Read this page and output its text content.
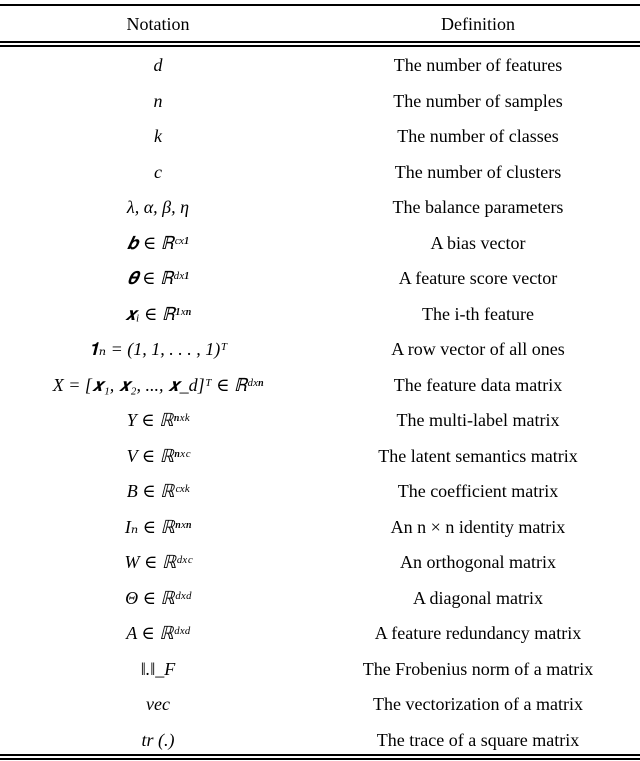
Notation	Definition
d	The number of features
n	The number of samples
k	The number of classes
c	The number of clusters
λ, α, β, η	The balance parameters
𝒃 ∈ ℝᶜˣ¹	A bias vector
𝜽 ∈ ℝᵈˣ¹	A feature score vector
𝒙ᵢ ∈ ℝ¹ˣⁿ	The i-th feature
𝟏ₙ = (1, 1, . . . , 1)ᵀ	A row vector of all ones
X = [𝒙₁, 𝒙₂, ..., 𝒙_d]ᵀ ∈ ℝᵈˣⁿ	The feature data matrix
Y ∈ ℝⁿˣᵏ	The multi-label matrix
V ∈ ℝⁿˣᶜ	The latent semantics matrix
B ∈ ℝᶜˣᵏ	The coefficient matrix
Iₙ ∈ ℝⁿˣⁿ	An n × n identity matrix
W ∈ ℝᵈˣᶜ	An orthogonal matrix
Θ ∈ ℝᵈˣᵈ	A diagonal matrix
A ∈ ℝᵈˣᵈ	A feature redundancy matrix
‖.‖_F	The Frobenius norm of a matrix
vec	The vectorization of a matrix
tr (.)	The trace of a square matrix
